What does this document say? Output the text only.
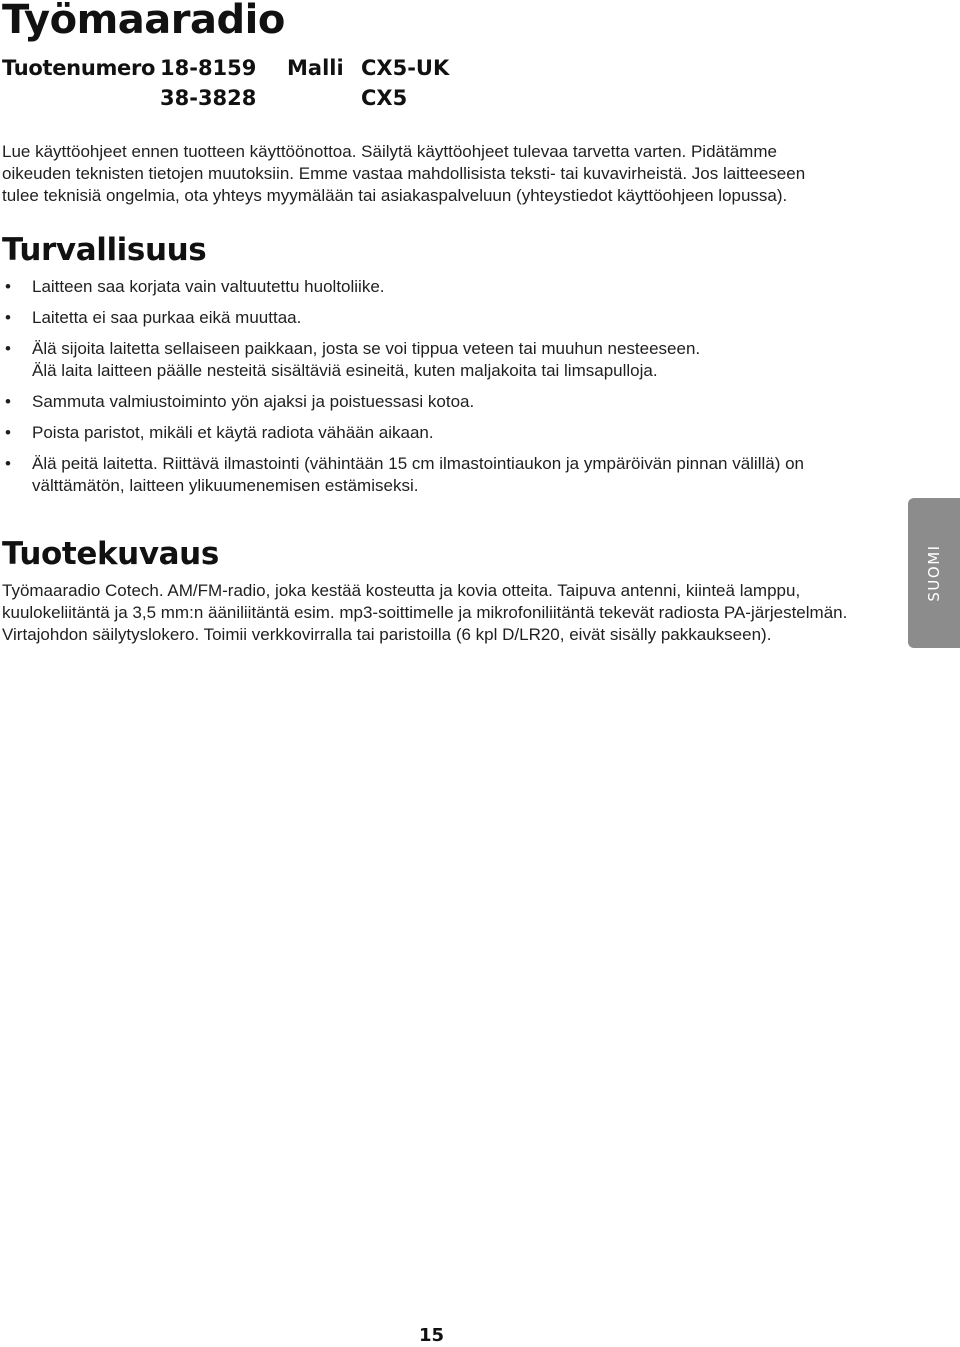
Työmaaradio
Tuotenumero 18-8159
38-3828
Malli CX5-UK
CX5

Lue käyttöohjeet ennen tuotteen käyttöönottoa. Säilytä käyttöohjeet tulevaa tarvetta varten. Pidätämme oikeuden teknisten tietojen muutoksiin. Emme vastaa mahdollisista teksti- tai kuvavirheistä. Jos laitteeseen tulee teknisiä ongelmia, ota yhteys myymälään tai asiakaspalveluun (yhteystiedot käyttöohjeen lopussa).

Turvallisuus
• Laitteen saa korjata vain valtuutettu huoltoliike.
• Laitetta ei saa purkaa eikä muuttaa.
• Älä sijoita laitetta sellaiseen paikkaan, josta se voi tippua veteen tai muuhun nesteeseen. Älä laita laitteen päälle nesteitä sisältäviä esineitä, kuten maljakoita tai limsapulloja.
• Sammuta valmiustoiminto yön ajaksi ja poistuessasi kotoa.
• Poista paristot, mikäli et käytä radiota vähään aikaan.
• Älä peitä laitetta. Riittävä ilmastointi (vähintään 15 cm ilmastointiaukon ja ympäröivän pinnan välillä) on välttämätön, laitteen ylikuumenemisen estämiseksi.
Tuotekuvaus

Työmaaradio Cotech. AM/FM-radio, joka kestää kosteutta ja kovia otteita. Taipuva antenni, kiinteä lamppu, kuulokeliitäntä ja 3,5 mm:n ääniliitäntä esim. mp3-soittimelle ja mikrofoniliitäntä tekevät radiosta PA-järjestelmän. Virtajohdon säilytyslokero. Toimii verkkovirralla tai paristoilla (6 kpl D/LR20, eivät sisälly pakkaukseen).

SUOMI
15
